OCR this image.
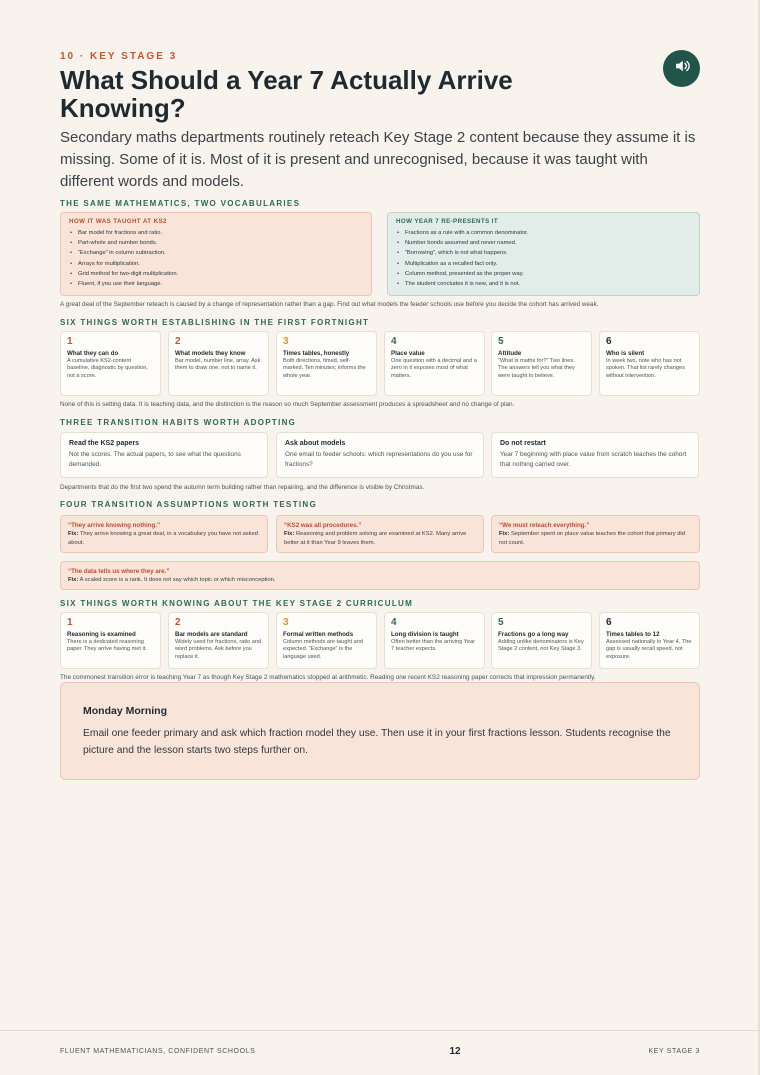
10 · KEY STAGE 3
What Should a Year 7 Actually Arrive Knowing?
Secondary maths departments routinely reteach Key Stage 2 content because they assume it is missing. Some of it is. Most of it is present and unrecognised, because it was taught with different words and models.
THE SAME MATHEMATICS, TWO VOCABULARIES
HOW IT WAS TAUGHT AT KS2
• Bar model for fractions and ratio.
• Part-whole and number bonds.
• “Exchange” in column subtraction.
• Arrays for multiplication.
• Grid method for two-digit multiplication.
• Fluent, if you use their language.
HOW YEAR 7 RE-PRESENTS IT
• Fractions as a rule with a common denominator.
• Number bonds assumed and never named.
• “Borrowing”, which is not what happens.
• Multiplication as a recalled fact only.
• Column method, presented as the proper way.
• The student concludes it is new, and it is not.
A great deal of the September reteach is caused by a change of representation rather than a gap. Find out what models the feeder schools use before you decide the cohort has arrived weak.
SIX THINGS WORTH ESTABLISHING IN THE FIRST FORTNIGHT
1
What they can do
A cumulative KS2-content baseline, diagnostic by question, not a score.
2
What models they know
Bar model, number line, array. Ask them to draw one, not to name it.
3
Times tables, honestly
Both directions, timed, self-marked. Ten minutes; informs the whole year.
4
Place value
One question with a decimal and a zero in it exposes most of what matters.
5
Attitude
“What is maths for?” Two lines. The answers tell you what they were taught to believe.
6
Who is silent
In week two, note who has not spoken. That list rarely changes without intervention.
None of this is setting data. It is teaching data, and the distinction is the reason so much September assessment produces a spreadsheet and no change of plan.
THREE TRANSITION HABITS WORTH ADOPTING
Read the KS2 papers
Not the scores. The actual papers, to see what the questions demanded.
Ask about models
One email to feeder schools: which representations do you use for fractions?
Do not restart
Year 7 beginning with place value from scratch teaches the cohort that nothing carried over.
Departments that do the first two spend the autumn term building rather than repairing, and the difference is visible by Christmas.
FOUR TRANSITION ASSUMPTIONS WORTH TESTING
“They arrive knowing nothing.”
Fix: They arrive knowing a great deal, in a vocabulary you have not asked about.
“KS2 was all procedures.”
Fix: Reasoning and problem solving are examined at KS2. Many arrive better at it than Year 9 leaves them.
“We must reteach everything.”
Fix: September spent on place value teaches the cohort that primary did not count.
“The data tells us where they are.”
Fix: A scaled score is a rank. It does not say which topic or which misconception.
SIX THINGS WORTH KNOWING ABOUT THE KEY STAGE 2 CURRICULUM
1
Reasoning is examined
There is a dedicated reasoning paper. They arrive having met it.
2
Bar models are standard
Widely used for fractions, ratio and word problems. Ask before you replace it.
3
Formal written methods
Column methods are taught and expected. “Exchange” is the language used.
4
Long division is taught
Often better than the arriving Year 7 teacher expects.
5
Fractions go a long way
Adding unlike denominators is Key Stage 2 content, not Key Stage 3.
6
Times tables to 12
Assessed nationally in Year 4. The gap is usually recall speed, not exposure.
The commonest transition error is teaching Year 7 as though Key Stage 2 mathematics stopped at arithmetic. Reading one recent KS2 reasoning paper corrects that impression permanently.
Monday Morning
Email one feeder primary and ask which fraction model they use. Then use it in your first fractions lesson. Students recognise the picture and the lesson starts two steps further on.
FLUENT MATHEMATICIANS, CONFIDENT SCHOOLS	12	KEY STAGE 3
